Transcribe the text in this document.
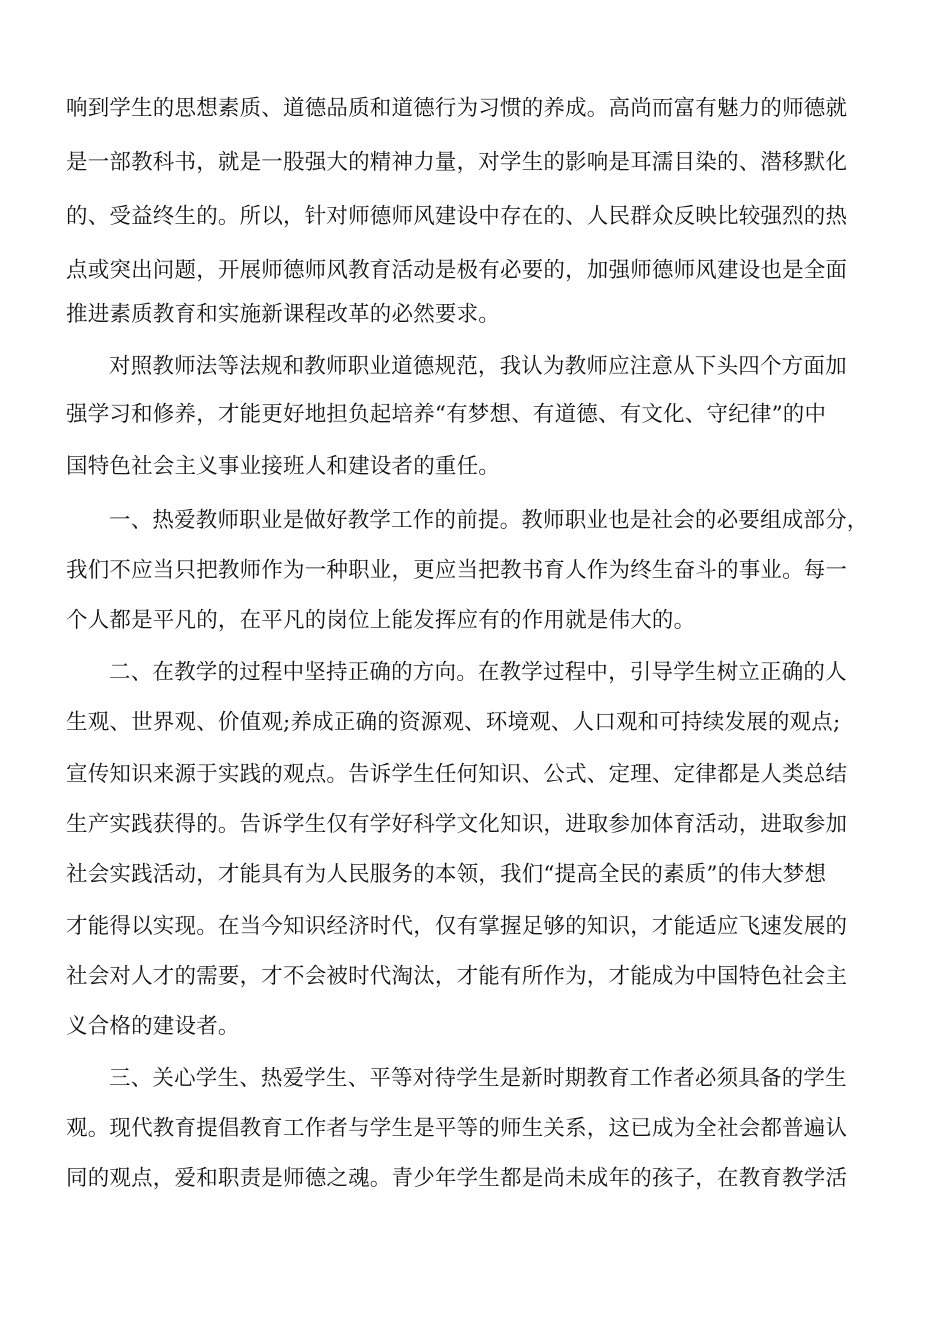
响到学生的思想素质、道德品质和道德行为习惯的养成。高尚而富有魅力的师德就
是一部教科书，就是一股强大的精神力量，对学生的影响是耳濡目染的、潜移默化
的、受益终生的。所以，针对师德师风建设中存在的、人民群众反映比较强烈的热
点或突出问题，开展师德师风教育活动是极有必要的，加强师德师风建设也是全面
推进素质教育和实施新课程改革的必然要求。
对照教师法等法规和教师职业道德规范，我认为教师应注意从下头四个方面加
强学习和修养，才能更好地担负起培养“有梦想、有道德、有文化、守纪律”的中
国特色社会主义事业接班人和建设者的重任。
一、热爱教师职业是做好教学工作的前提。教师职业也是社会的必要组成部分，
我们不应当只把教师作为一种职业，更应当把教书育人作为终生奋斗的事业。每一
个人都是平凡的，在平凡的岗位上能发挥应有的作用就是伟大的。
二、在教学的过程中坚持正确的方向。在教学过程中，引导学生树立正确的人
生观、世界观、价值观;养成正确的资源观、环境观、人口观和可持续发展的观点;
宣传知识来源于实践的观点。告诉学生任何知识、公式、定理、定律都是人类总结
生产实践获得的。告诉学生仅有学好科学文化知识，进取参加体育活动，进取参加
社会实践活动，才能具有为人民服务的本领，我们“提高全民的素质”的伟大梦想
才能得以实现。在当今知识经济时代，仅有掌握足够的知识，才能适应飞速发展的
社会对人才的需要，才不会被时代淘汰，才能有所作为，才能成为中国特色社会主
义合格的建设者。
三、关心学生、热爱学生、平等对待学生是新时期教育工作者必须具备的学生
观。现代教育提倡教育工作者与学生是平等的师生关系，这已成为全社会都普遍认
同的观点，爱和职责是师德之魂。青少年学生都是尚未成年的孩子，在教育教学活
